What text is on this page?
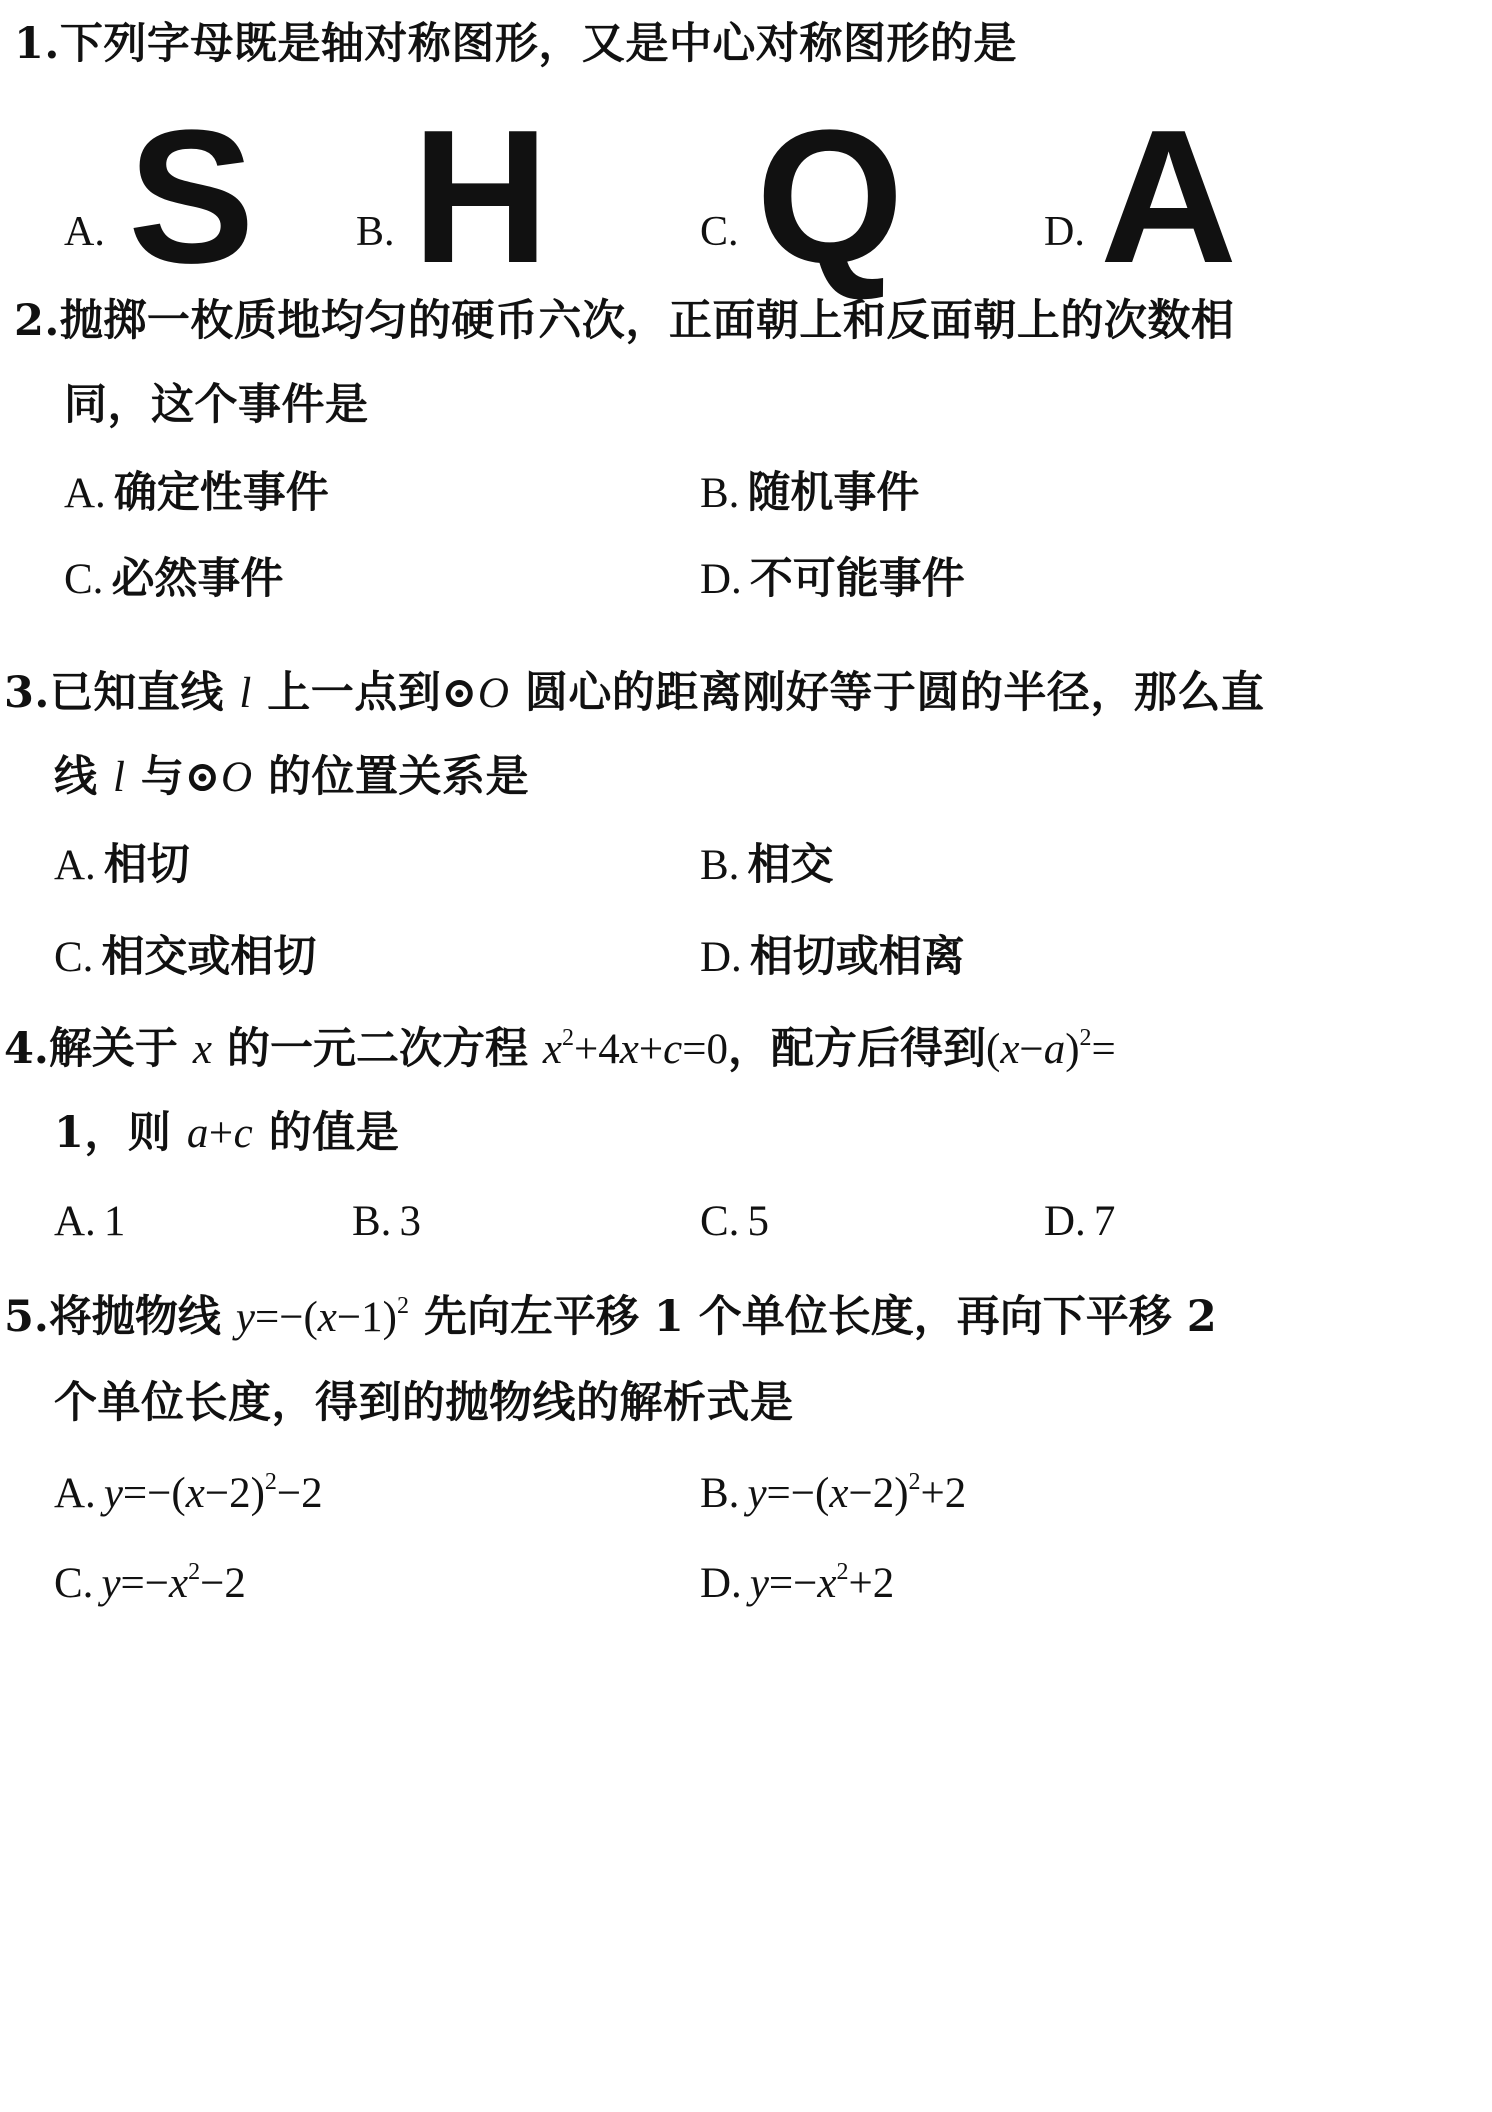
1.下列字母既是轴对称图形，又是中心对称图形的是
A. S B. H	C. Q	D. A
2.抛掷一枚质地均匀的硬币六次，正面朝上和反面朝上的次数相
同，这个事件是
A. 确定性事件	B. 随机事件
C. 必然事件	D. 不可能事件
3.已知直线 l 上一点到⊙O 圆心的距离刚好等于圆的半径，那么直
线 l 与⊙O 的位置关系是
A. 相切	B. 相交
C. 相交或相切	D. 相切或相离
4.解关于 x 的一元二次方程 $x^2+4x+c=0$，配方后得到$(x-a)^2=$
1，则 a+c 的值是
A. 1	B. 3	C. 5	D. 7
5.将抛物线 $y=-(x-1)^2$ 先向左平移 1 个单位长度，再向下平移 2
个单位长度，得到的抛物线的解析式是
A. $y=-(x-2)^2-2$	B. $y=-(x-2)^2+2$
C. $y=-x^2-2$	D. $y=-x^2+2$
